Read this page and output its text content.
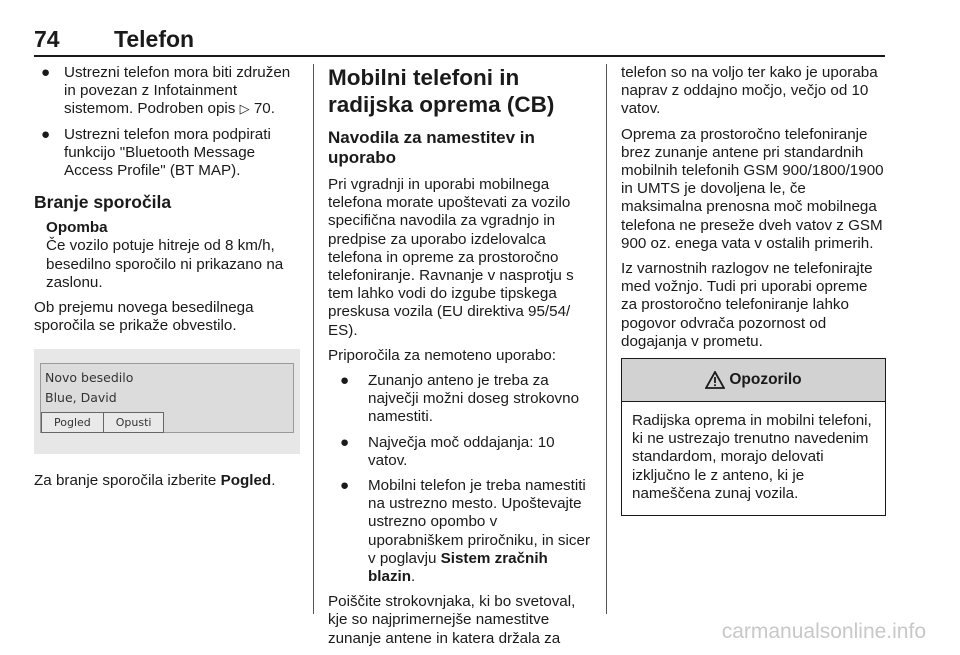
74 Telefon
● Ustrezni telefon mora biti združen in povezan z Infotainment sistemom. Podroben opis ▷ 70.
● Ustrezni telefon mora podpirati funkcijo "Bluetooth Message Access Profile" (BT MAP).
Branje sporočila
Opomba
Če vozilo potuje hitreje od 8 km/h, besedilno sporočilo ni prikazano na zaslonu.

Ob prejemu novega besedilnega sporočila se prikaže obvestilo.

Novo besedilo
Blue, David
Pogled	Opusti

Za branje sporočila izberite Pogled.

Mobilni telefoni in radijska oprema (CB)
Navodila za namestitev in uporabo

Pri vgradnji in uporabi mobilnega telefona morate upoštevati za vozilo specifična navodila za vgradnjo in predpise za uporabo izdelovalca telefona in opreme za prostoročno telefoniranje. Ravnanje v nasprotju s tem lahko vodi do izgube tipskega preskusa vozila (EU direktiva 95/54/ ES).

Priporočila za nemoteno uporabo:

● Zunanjo anteno je treba za največji možni doseg strokovno namestiti.
● Največja moč oddajanja: 10 vatov.
● Mobilni telefon je treba namestiti na ustrezno mesto. Upoštevajte ustrezno opombo v uporabniškem priročniku, in sicer v poglavju Sistem zračnih blazin.

Poiščite strokovnjaka, ki bo svetoval, kje so najprimernejše namestitve zunanje antene in katera držala za

telefon so na voljo ter kako je uporaba naprav z oddajno močjo, večjo od 10 vatov.

Oprema za prostoročno telefoniranje brez zunanje antene pri standardnih mobilnih telefonih GSM 900/1800/1900 in UMTS je dovoljena le, če maksimalna prenosna moč mobilnega telefona ne preseže dveh vatov z GSM 900 oz. enega vata v ostalih primerih.

Iz varnostnih razlogov ne telefonirajte med vožnjo. Tudi pri uporabi opreme za prostoročno telefoniranje lahko pogovor odvrača pozornost od dogajanja v prometu.

Opozorilo
Radijska oprema in mobilni telefoni, ki ne ustrezajo trenutno navedenim standardom, morajo delovati izključno le z anteno, ki je nameščena zunaj vozila.
carmanualsonline.info
